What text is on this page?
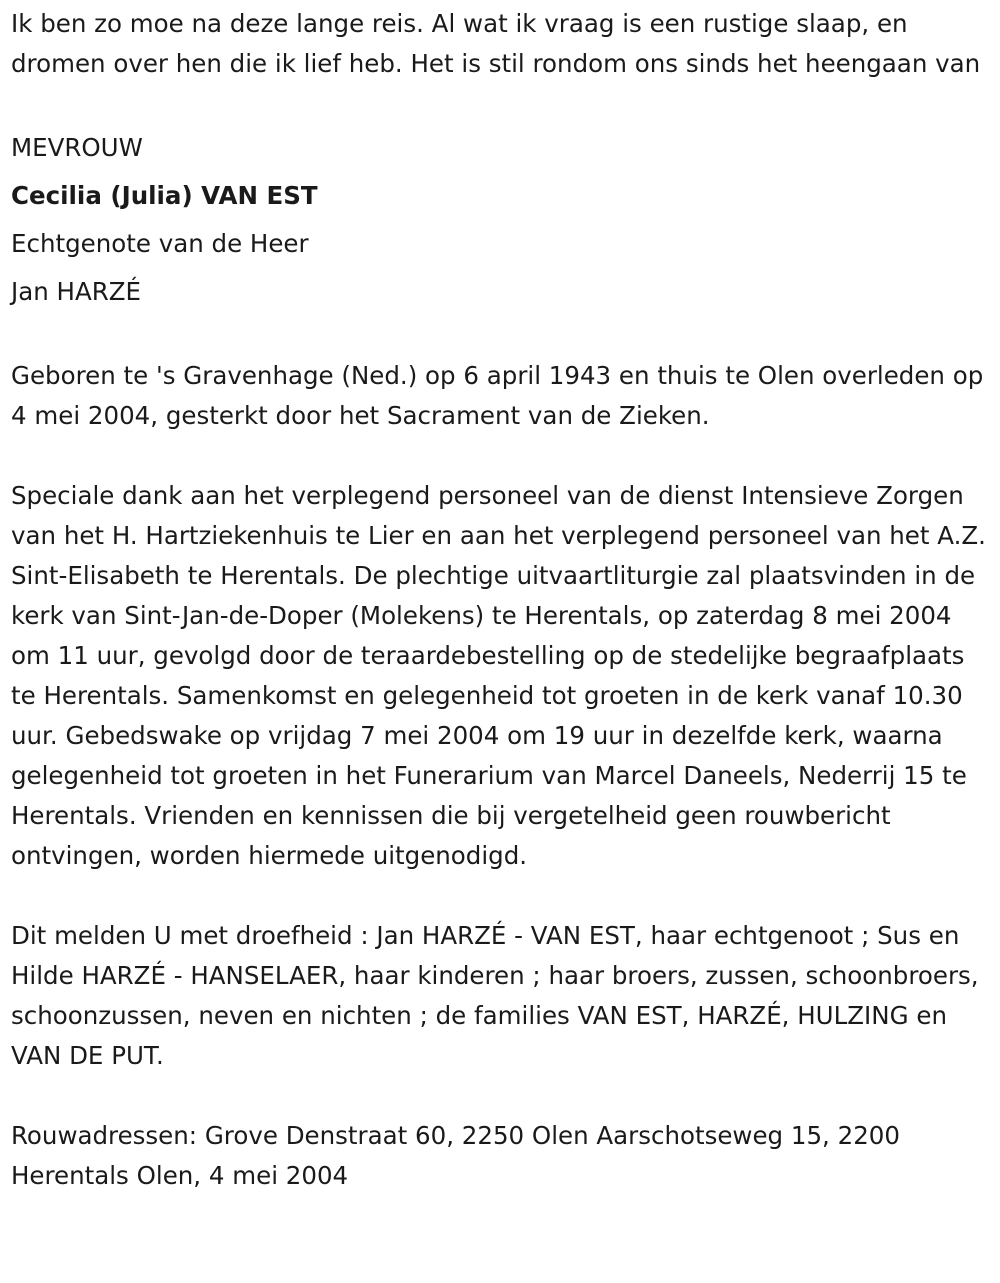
Ik ben zo moe na deze lange reis. Al wat ik vraag is een rustige slaap, en dromen over hen die ik lief heb. Het is stil rondom ons sinds het heengaan van

MEVROUW
Cecilia (Julia) VAN EST
Echtgenote van de Heer
Jan HARZÉ

Geboren te 's Gravenhage (Ned.) op 6 april 1943 en thuis te Olen overleden op 4 mei 2004, gesterkt door het Sacrament van de Zieken.

Speciale dank aan het verplegend personeel van de dienst Intensieve Zorgen van het H. Hartziekenhuis te Lier en aan het verplegend personeel van het A.Z. Sint-Elisabeth te Herentals. De plechtige uitvaartliturgie zal plaatsvinden in de kerk van Sint-Jan-de-Doper (Molekens) te Herentals, op zaterdag 8 mei 2004 om 11 uur, gevolgd door de teraardebestelling op de stedelijke begraafplaats te Herentals. Samenkomst en gelegenheid tot groeten in de kerk vanaf 10.30 uur. Gebedswake op vrijdag 7 mei 2004 om 19 uur in dezelfde kerk, waarna gelegenheid tot groeten in het Funerarium van Marcel Daneels, Nederrij 15 te Herentals. Vrienden en kennissen die bij vergetelheid geen rouwbericht ontvingen, worden hiermede uitgenodigd.

Dit melden U met droefheid : Jan HARZÉ - VAN EST, haar echtgenoot ; Sus en Hilde HARZÉ - HANSELAER, haar kinderen ; haar broers, zussen, schoonbroers, schoonzussen, neven en nichten ; de families VAN EST, HARZÉ, HULZING en VAN DE PUT.

Rouwadressen: Grove Denstraat 60, 2250 Olen Aarschotseweg 15, 2200 Herentals Olen, 4 mei 2004
